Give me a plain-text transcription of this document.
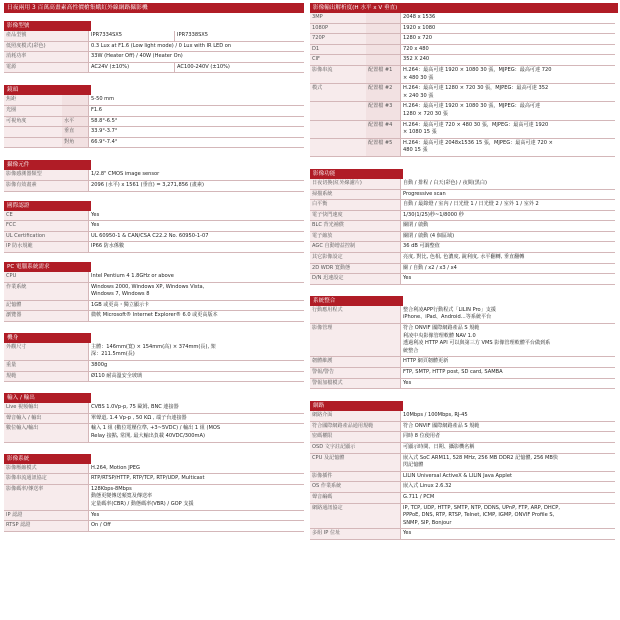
日夜兩用 3 百萬高畫素高性價槍集蛾紅外線網路攝影機
影像型號
產品型號	IPR7334SX5	IPR7338SX5
低照度模式(彩色)	0.3 Lux at F1.6 (Low light mode) / 0 Lux with IR LED on
消耗功率	33W (Heater Off) / 40W (Heater On)
電源	AC24V (±10%)	AC100-240V (±10%)
鏡頭
焦距	5-50 mm
光圈	F1.6
可視角度	水平	58.8°-6.5°
垂直	33.9°-3.7°
對角	66.9°-7.4°
攝像元件
影像感測器類型	1/2.8" CMOS image sensor
影像有效畫素	2096 (水平) x 1561 (垂直) = 3,271,856 (畫素)
國際認證
CE	Yes
FCC	Yes
UL Certification	UL 60950-1 & CAN/CSA C22.2 No. 60950-1-07
IP 防水規範	IP66 防水係數
PC 電腦系統需求
CPU	Intel Pentium 4 1.8GHz or above
作業系統	Windows 2000, Windows XP, Windows Vista,
Windows 7, Windows 8
記憶體	1GB 或更高・獨立顯示卡
瀏覽器	微軟 Microsoft® Internet Explorer® 6.0 或更高版本
機身
外觀尺寸	主體：146mm(寬) × 154mm(高) × 374mm(長), 架
深：211.5mm(長)
重量	3800g
規範	Ø110 耐高溫安全玻璃
輸入 / 輸出
Live 視頻輸出	CVBS 1.0Vp-p, 75 歐姆, BNC 連接器
聲音輸入 / 輸出	單聲道, 1.4 Vp-p , 50 KΩ , 端子台連接器
數位輸入/輸出	輸入 1 組 (數位電壓位準, +3~5VDC) / 輸出 1 組 (MOS
Relay 接點, 常開, 最大輸出負載 40VDC/300mA)
影像系統
影像壓縮模式	H.264, Motion JPEG
影像串流通訊協定	RTP/RTSP/HTTP, RTP/TCP, RTP/UDP, Multicast
影像碼率/傳送率	128Kbps-8Mbps
動態更變傳送頻寬及傳送率
定量碼率(CBR) / 動態碼率(VBR) / GOP 支援
IP 認證	Yes
RTSP 認證	On / Off
影像輸出解析度(H 水平 x V 垂直)
3MP	2048 x 1536
1080P	1920 x 1080
720P	1280 x 720
D1	720 x 480
CIF	352 X 240
影像串流	配置檔 #1	H.264：最高可達 1920 × 1080 30 張，MJPEG：最高可達 720
× 480 30 張
模式	配置檔 #2	H.264：最高可達 1280 × 720 30 張，MJPEG：最高可達 352
× 240 30 張
配置檔 #3	H.264：最高可達 1920 × 1080 30 張，MJPEG：最高可達
1280 × 720 30 張
配置檔 #4	H.264：最高可達 720 × 480 30 張，MJPEG：最高可達 1920
× 1080 15 張
配置檔 #5	H.264：最高可達 2048x1536 15 張，MJPEG：最高可達 720 ×
480 15 張
影像功能
日夜切換(紅外線濾片)	自動 / 排程 / 白天(彩色) / 夜間(黑白)
掃描系統	Progressive scan
白平衡	自動 / 最錄燈 / 室內 / 日光燈 1 / 日光燈 2 / 室外 1 / 室外 2
電子快門速度	1/30(1/25)秒~1/8000 秒
BLC 背光補償	關閉 / 啟動
電子縮放	關閉 / 啟動 (4 個區域)
AGC 自動增益控制	36 dB 可調整值
其它影像設定	亮度, 對比, 色相, 色濃度, 銳利度, 水平翻轉, 垂直翻轉
2D WDR 寬動態	關 / 自動 / x2 / x3 / x4
D/N 迅速設定	Yes
系統整合
行動應用程式	整合利凌APP行動程式「LILIN Pro」支援
iPhone、iPad、Android…等系統平台
影像管理	符合 ONVIF 國際網路產品 S 規範
利凌中央影像管理軟體 NAV 1.0
透過利凌 HTTP API 可以與第三方 VMS 影像管理軟體平台做到系
統整合
韌體維護	HTTP 網頁韌體更新
警報/警告	FTP, SMTP, HTTP post, SD card, SAMBA
警報加檔模式	Yes
網路
網路介面	10Mbps / 100Mbps, RJ-45
符合國際網路產品通用規範	符合 ONVIF 國際網路產品 S 規範
密碼權限	同時 8 位使用者
OSD 文字註記顯示	可顯示時間、日期、攝影機名稱
CPU 及記憶體	嵌入式 SoC ARM11, 528 MHz, 256 MB DDR2 記憶體, 256 MB快
閃記憶體
影像插件	LILIN Universal ActiveX & LILIN Java Applet
OS 作業系統	嵌入式 Linux 2.6.32
聲音編碼	G.711 / PCM
網路通訊協定	IP, TCP, UDP, HTTP, SMTP, NTP, DDNS, UPnP, FTP, ARP, DHCP,
PPPoE, DNS, RTP, RTSP, Telnet, ICMP, IGMP, ONVIF Profile S,
SNMP, SIP, Bonjour
多組 IP 位址	Yes
